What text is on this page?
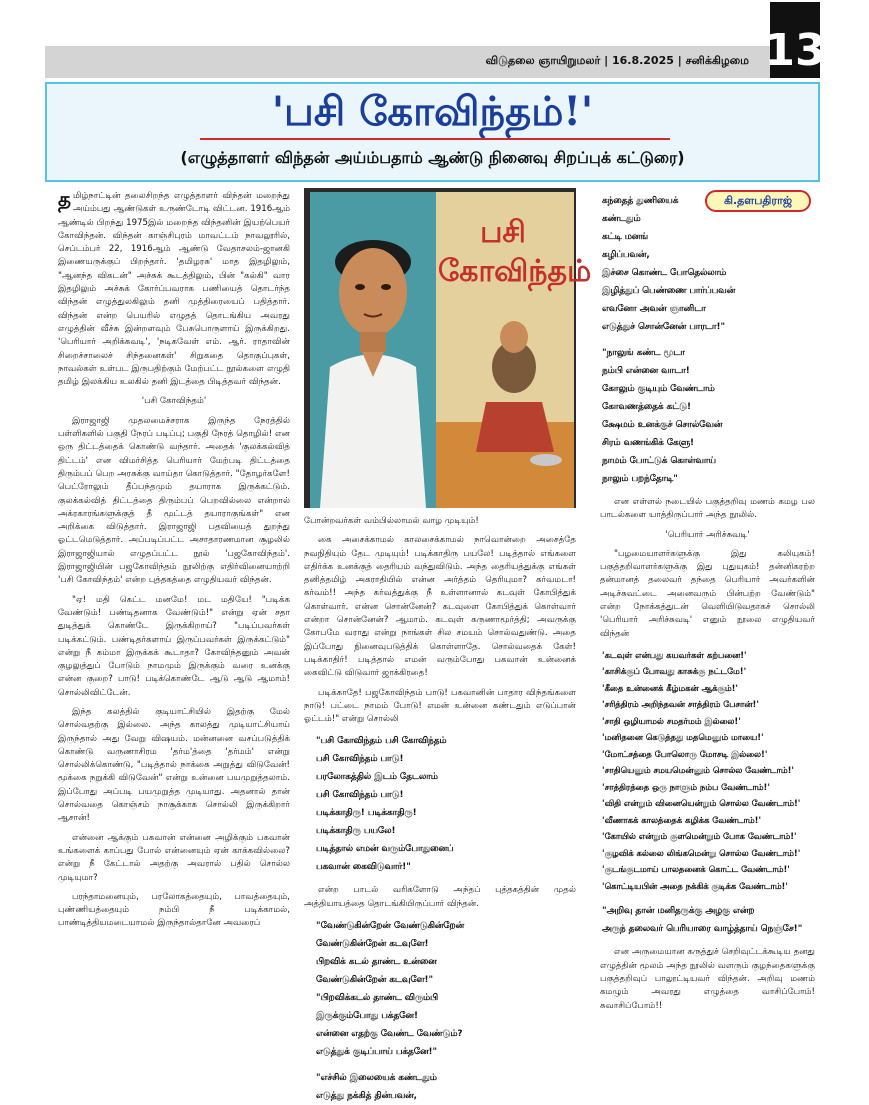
விடுதலை ஞாயிறுமலர் | 16.8.2025 | சனிக்கிழமை 13
'பசி கோவிந்தம்!'
(எழுத்தாளர் விந்தன் அய்ம்பதாம் ஆண்டு நினைவு சிறப்புக் கட்டுரை)
பசி கோவிந்தம்
கி.தளபதிராஜ்

தமிழ்நாட்டின் தலைசிறந்த எழுத்தாளர் விந்தன் மறைந்து அய்ம்பது ஆண்டுகள் உருண்டோடி விட்டன. 1916ஆம் ஆண்டில் பிறந்து 1975இல் மறைந்த விந்தனின் இயற்பெயர் கோவிந்தன். விந்தன் காஞ்சிபுரம் மாவட்டம் நாவலூரில், செப்டம்பர் 22, 1916ஆம் ஆண்டு வேதாசலம்-ஜானகி இணையருக்குப் பிறந்தார். 'தமிழரசு' மாத இதழிலும், "ஆனந்த விகடன்" அச்சுக் கூடத்திலும், பின் "கல்கி" வார இதழிலும் அச்சுக் கோர்ப்பவராக பணியைத் தொடர்ந்த விந்தன் எழுத்துலகிலும் தனி முத்திரையைப் பதித்தார். விந்தன் என்ற பெயரில் எழுதத் தொடங்கிய அவரது எழுத்தின் வீச்சு இன்றளவும் பேசுபொருளாய் இருக்கிறது. 'பெரியார் அறிக்கவடி', 'நடிகவேள் எம். ஆர். ராதாவின் சிறைச்சாலைச் சிந்தனைகள்' சிறுகதை தொகுப்புகள், நாவல்கள் உள்பட இருபதிற்கும் மேற்பட்ட நூல்களை எழுதி தமிழ் இலக்கிய உலகில் தனி இடத்தை பிடித்தவர் விந்தன்.

'பசி கோவிந்தம்'

இராஜாஜி முதலமைச்சராக இருந்த நேரத்தில் பள்ளிகளில் பகுதி நேரப் படிப்பு; பகுதி நேரத் தொழில்! என ஒரு திட்டத்தைக் கொண்டு வந்தார். அதைக் 'குலக்கல்வித் திட்டம்' என விமர்சித்த பெரியார் மேற்படி திட்டத்தை திரும்பப் பெற அரசுக்கு வாய்தா கொடுத்தார். "தோழர்களே! பெட்ரோலும் தீப்பந்தமும் தயாராக இருக்கட்டும். குலக்கல்வித் திட்டத்தை திரும்பப் பெறவில்லை என்றால் அக்ரகாரங்களுக்குத் தீ மூட்டத் தயாராகுங்கள்" என அறிக்கை விடுத்தார். இராஜாஜி பதவியைத் துறந்து ஓட்டமெடுத்தார். அப்படிப்பட்ட அசாதாரணமான சூழலில் இராஜாஜியால் எழுதப்பட்ட நூல் 'பஜகோவிந்தம்'. இராஜாஜியின் பஜகோவிந்தம் நூலிற்கு எதிர்வினையாற்றி 'பசி கோவிந்தம்' என்ற புத்தகத்தை எழுதியவர் விந்தன்.

"ஏ! மதி கெட்ட மனமே! மட மதியே! "படிக்க வேண்டும்! பண்டிதனாக வேண்டும்!" என்று ஏன் சதா துடித்துக் கொண்டே இருக்கிறாய்? "படிப்பவர்கள் படிக்கட்டும். பண்டிதர்களாய் இருப்பவர்கள் இருக்கட்டும்" என்று நீ கம்மா இருக்கக் கூடாதா? கோவிந்தனும் அவன் குழலுத்துப் போடும் நாமமும் இருக்கும் வரை உனக்கு என்ன குறை? பாடு! படிக்கொண்டே ஆடு ஆடு ஆமாம்! சொல்லிவிட்டேன்.

இந்த கலத்தில் குடியாட்சியில் இதற்கு மேல் சொல்வதற்கு இல்லை. அந்த காலத்து முடியாட்சியாய் இருந்தால் அது வேறு விஷயம். மன்னனை வசப்படுத்திக் கொண்டு வருணாசிரம 'தர்ம'த்தை 'தர்மம்' என்று சொல்லிக்கொண்டு, "படித்தால் நாக்கை அறுத்து விடுவேன்! மூக்கை நறுக்கி விடுவேன்" என்று உன்னை பயமுறுத்தலாம். இப்போது அப்படி பயமுறுத்த முடியாது. அதனால் தான் சொல்வதை கொஞ்சம் நாசூக்காக சொல்லி இருக்கிறார் ஆசான்!

என்னை ஆக்கும் பகவான் என்னை அழிக்கும் பகவான் உங்களைக் காப்பது போல் என்னையும் ஏன் காக்கவில்லை? என்று நீ கேட்டால் அதற்கு அவரால் பதில் சொல்ல முடியுமா?

பரந்தாமனையும், பரலோகத்தையும், பாவத்தையும், புண்ணியத்தையும் நம்பி நீ படிக்காமல், பாண்டித்தியமடையாமல் இருந்தால்தானே அவரைப்

போன்றவர்கள் வம்பில்லாமல் வாழ முடியும்!

கை அசைக்காமல் காலசைக்காமல் நாவொன்றை அசைத்தே நவநிதியும் தேட முடியும்! படிக்காதிரு பயலே! படித்தால் எங்களை எதிர்க்க உனக்குத் தைரியம் வந்துவிடும். அந்த தைரியத்துக்கு எங்கள் தனித்தமிழ் அகராதியில் என்ன அர்த்தம் தெரியுமா? கர்வமடா! கர்வம்!! அந்த கர்வத்துக்கு நீ உள்ளானால் கடவுள் கோபித்துக் கொள்வார். என்ன சொன்னேன்? கடவுளை கோபித்துக் கொள்வார் என்றா சொன்னேன்? ஆமாம். கடவுள் கருணாமூர்த்தி; அவருக்கு கோபமே வராது என்று நாங்கள் சில சமயம் சொல்வதுண்டு. அதை இப்போது நினைவுபடுத்திக் கொள்ளாதே. சொல்வதைக் கேள்! படிக்காதிர்! படித்தால் எமன் வரும்போது பகவான் உன்னைக் கைவிட்டு விடுவார் ஜாக்கிரதை!

படிக்காதே! பஜகோவிந்தம் பாடு! பகவானின் பாதார விந்தங்களை நாடு! பட்டை நாமம் போடு! எமன் உன்னை கண்டதும் எடுப்பான் ஓட்டம்!" என்று சொல்லி

"பசி கோவிந்தம் பசி கோவிந்தம்
பசி கோவிந்தம் பாடு!
பரலோகத்தில் இடம் தேடலாம்
பசி கோவிந்தம் பாடு!
படிக்காதிரு! படிக்காதிரு!
படிக்காதிரு பயலே!
படித்தால் எமன் வரும்போதுனைப்
பகவான் கைவிடுவார்!"

என்ற பாடல் வரிகளோடு அந்தப் புத்தகத்தின் முதல் அத்தியாயத்தை தொடங்கியிருப்பார் விந்தன்.

"வேண்டுகின்றேன் வேண்டுகின்றேன்
வேண்டுகின்றேன் கடவுளே!
பிறவிக் கடல் தாண்ட உன்னை
வேண்டுகின்றேன் கடவுளே!"
"பிறவிக்கடல் தாண்ட விரும்பி
இருக்கும்போது பக்தனே!
என்னை எதற்கு வேண்ட வேண்டும்?
எடுத்துக் குடிப்பாய் பக்தனே!"
"எச்சில் இலையைக் கண்டதும்
எடுத்து நக்கித் தின்பவன்,
கந்தைத் துணியைக்
கண்டதும்
கட்டி மனங்
கழிப்பவன்,
இச்சை கொண்ட போதெல்லாம்
இழித்துப் பெண்ணை பார்ப்பவன்
எவனோ அவன் ஞானிடா
எடுத்துச் சொன்னேன் பாரடா!"
"நாலுங் கண்ட மூடா
நம்பி என்னை வாடா!
கோலும் குடியும் வேண்டாம்
கோவணத்தைக் கட்டு!
க்ஷேமம் உனக்குச் சொல்வேன்
சிரம் வணங்கிக் கேளு!
நாமம் போட்டுக் கொள்வாய்
நாலும் பறந்தோடி"

என எள்ளல் நடையில் பகுத்தறிவு மணம் கமழ பல பாடல்களை யாத்திருப்பார் அந்த நூலில்.

'பெரியார் அரிச்சுவடி'

"பழமையாளர்களுக்கு இது கலியுகம்! பகுத்தறிவாளர்களுக்கு இது புதுயுகம்! தன்னிகரற்ற தன்மானத் தலைவர் தந்தை பெரியார் அவர்களின் அடிச்சுவட்டை அனைவரும் பின்பற்ற வேண்டும்" என்ற நோக்கத்துடன் வெளியிடுவதாகச் சொல்லி 'பெரியார் அரிச்சுவடி' எனும் நூலை எழுதியவர் விந்தன்

'கடவுள் என்பது கயவர்கள் கற்பனை!'
'காசிக்குப் போவது காசுக்கு நட்டமே!'
'கீதை உன்னைக் கீழ்மகன் ஆக்கும்!'
'சரித்திரம் அறிந்தவன் சாத்திரம் பேசான்!'
'சாதி ஒழியாமல் சமதர்மம் இல்லை!'
'மனிதனை கெடுத்தது மதமெனும் மாயை!'
'மோட்சத்தை போலொரு மோசடி இல்லை!'
'சாதியெனும் சமயமென்னும் சொல்ல வேண்டாம்!'
'சாத்திரத்தை ஒரு நாளும் நம்ப வேண்டாம்!'
'விதி என்றும் வினையென்றும் சொல்ல வேண்டாம்!'
'வீணாகக் காலத்தைக் கழிக்க வேண்டாம்!'
'கோயில் என்றும் குளமென்றும் போக வேண்டாம்!'
'குழவிக் கல்லை லிங்கமென்று சொல்ல வேண்டாம்!'
'குடங்குடமாய் பாலதனைக் கொட்ட வேண்டாம்!'
'கொட்டியபின் அதை நக்கிக் குடிக்க வேண்டாம்!'
"அறிவு தான் மனிதருக்கு அழகு என்ற
அருந் தலைவர் பெரியாரை வாழ்த்தாய் நெஞ்சே!"

என அருமையான கருத்துச் செறிவுட்டக்கூடிய தனது எழுத்தின் மூலம் அந்த நூலில் வளரும் குழந்தைகளுக்கு பகுத்தறிவுப் பாலூட்டியவர் விந்தன். அறிவு மணம் கமழும் அவரது எழுத்தை வாசிப்போம்! சுவாசிப்போம்!!
